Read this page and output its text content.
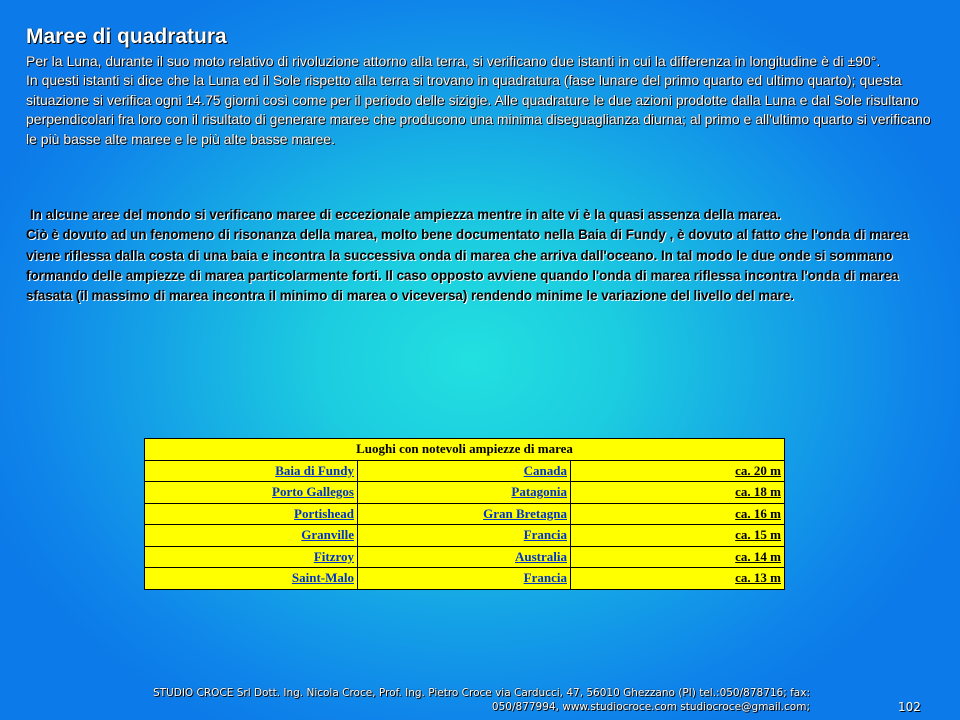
Maree di quadratura

Per la Luna, durante il suo moto relativo di rivoluzione attorno alla terra, si verificano due istanti in cui la differenza in longitudine è di ±90°.

In questi istanti si dice che la Luna ed il Sole rispetto alla terra si trovano in quadratura (fase lunare del primo quarto ed ultimo quarto); questa situazione si verifica ogni 14.75 giorni così come per il periodo delle sizigie. Alle quadrature le due azioni prodotte dalla Luna e dal Sole risultano perpendicolari fra loro con il risultato di generare maree che producono una minima diseguaglianza diurna; al primo e all'ultimo quarto si verificano le più basse alte maree e le più alte basse maree.

In alcune aree del mondo si verificano maree di eccezionale ampiezza mentre in alte vi è la quasi assenza della marea.

Ciò è dovuto ad un fenomeno di risonanza della marea, molto bene documentato nella Baia di Fundy , è dovuto al fatto che l'onda di marea viene riflessa dalla costa di una baia e incontra la successiva onda di marea che arriva dall'oceano. In tal modo le due onde si sommano formando delle ampiezze di marea particolarmente forti. Il caso opposto avviene quando l'onda di marea riflessa incontra l'onda di marea sfasata (il massimo di marea incontra il minimo di marea o viceversa) rendendo minime le variazione del livello del mare.

Luoghi con notevoli ampiezze di marea		
Baia di Fundy	Canada	ca. 20 m
Porto Gallegos	Patagonia	ca. 18 m
Portishead	Gran Bretagna	ca. 16 m
Granville	Francia	ca. 15 m
Fitzroy	Australia	ca. 14 m
Saint-Malo	Francia	ca. 13 m
STUDIO CROCE Srl Dott. Ing. Nicola Croce, Prof. Ing. Pietro Croce via Carducci, 47, 56010 Ghezzano (PI) tel.:050/878716; fax:
050/877994, www.studiocroce.com studiocroce@gmail.com;	102
